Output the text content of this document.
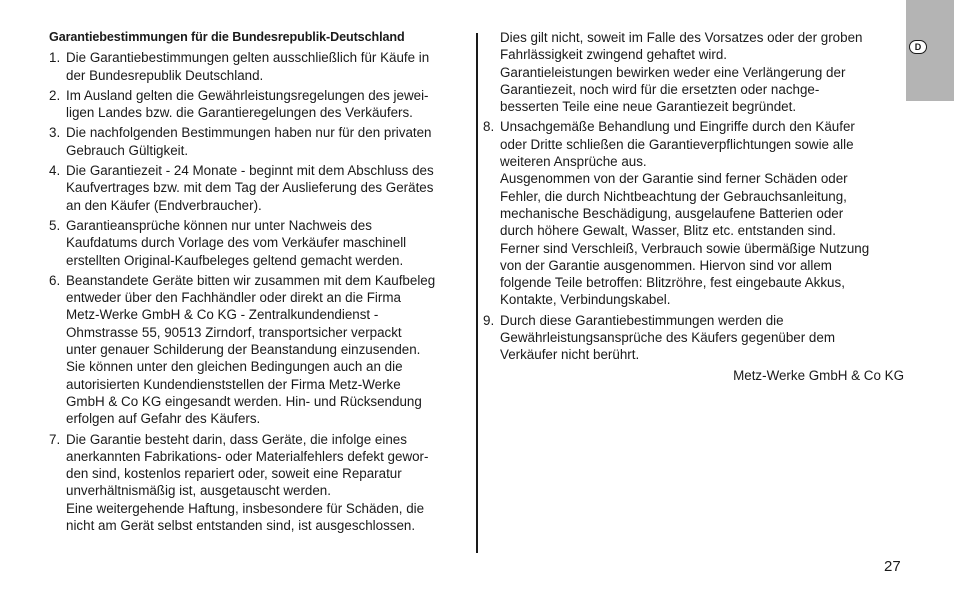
D
Garantiebestimmungen für die Bundesrepublik-Deutschland
1. Die Garantiebestimmungen gelten ausschließlich für Käufe in
der Bundesrepublik Deutschland.
2. Im Ausland gelten die Gewährleistungsregelungen des jewei-
ligen Landes bzw. die Garantieregelungen des Verkäufers.
3. Die nachfolgenden Bestimmungen haben nur für den privaten
Gebrauch Gültigkeit.
4. Die Garantiezeit - 24 Monate - beginnt mit dem Abschluss des
Kaufvertrages bzw. mit dem Tag der Auslieferung des Gerätes
an den Käufer (Endverbraucher).
5. Garantieansprüche können nur unter Nachweis des
Kaufdatums durch Vorlage des vom Verkäufer maschinell
erstellten Original-Kaufbeleges geltend gemacht werden.
6. Beanstandete Geräte bitten wir zusammen mit dem Kaufbeleg
entweder über den Fachhändler oder direkt an die Firma
Metz-Werke GmbH & Co KG - Zentralkundendienst -
Ohmstrasse 55, 90513 Zirndorf, transportsicher verpackt
unter genauer Schilderung der Beanstandung einzusenden.
Sie können unter den gleichen Bedingungen auch an die
autorisierten Kundendienststellen der Firma Metz-Werke
GmbH & Co KG eingesandt werden. Hin- und Rücksendung
erfolgen auf Gefahr des Käufers.
7. Die Garantie besteht darin, dass Geräte, die infolge eines
anerkannten Fabrikations- oder Materialfehlers defekt gewor-
den sind, kostenlos repariert oder, soweit eine Reparatur
unverhältnismäßig ist, ausgetauscht werden.
Eine weitergehende Haftung, insbesondere für Schäden, die
nicht am Gerät selbst entstanden sind, ist ausgeschlossen.
Dies gilt nicht, soweit im Falle des Vorsatzes oder der groben
Fahrlässigkeit zwingend gehaftet wird.
Garantieleistungen bewirken weder eine Verlängerung der
Garantiezeit, noch wird für die ersetzten oder nachge-
besserten Teile eine neue Garantiezeit begründet.
8. Unsachgemäße Behandlung und Eingriffe durch den Käufer
oder Dritte schließen die Garantieverpflichtungen sowie alle
weiteren Ansprüche aus.
Ausgenommen von der Garantie sind ferner Schäden oder
Fehler, die durch Nichtbeachtung der Gebrauchsanleitung,
mechanische Beschädigung, ausgelaufene Batterien oder
durch höhere Gewalt, Wasser, Blitz etc. entstanden sind.
Ferner sind Verschleiß, Verbrauch sowie übermäßige Nutzung
von der Garantie ausgenommen. Hiervon sind vor allem
folgende Teile betroffen: Blitzröhre, fest eingebaute Akkus,
Kontakte, Verbindungskabel.
9. Durch diese Garantiebestimmungen werden die
Gewährleistungsansprüche des Käufers gegenüber dem
Verkäufer nicht berührt.
Metz-Werke GmbH & Co KG
27
